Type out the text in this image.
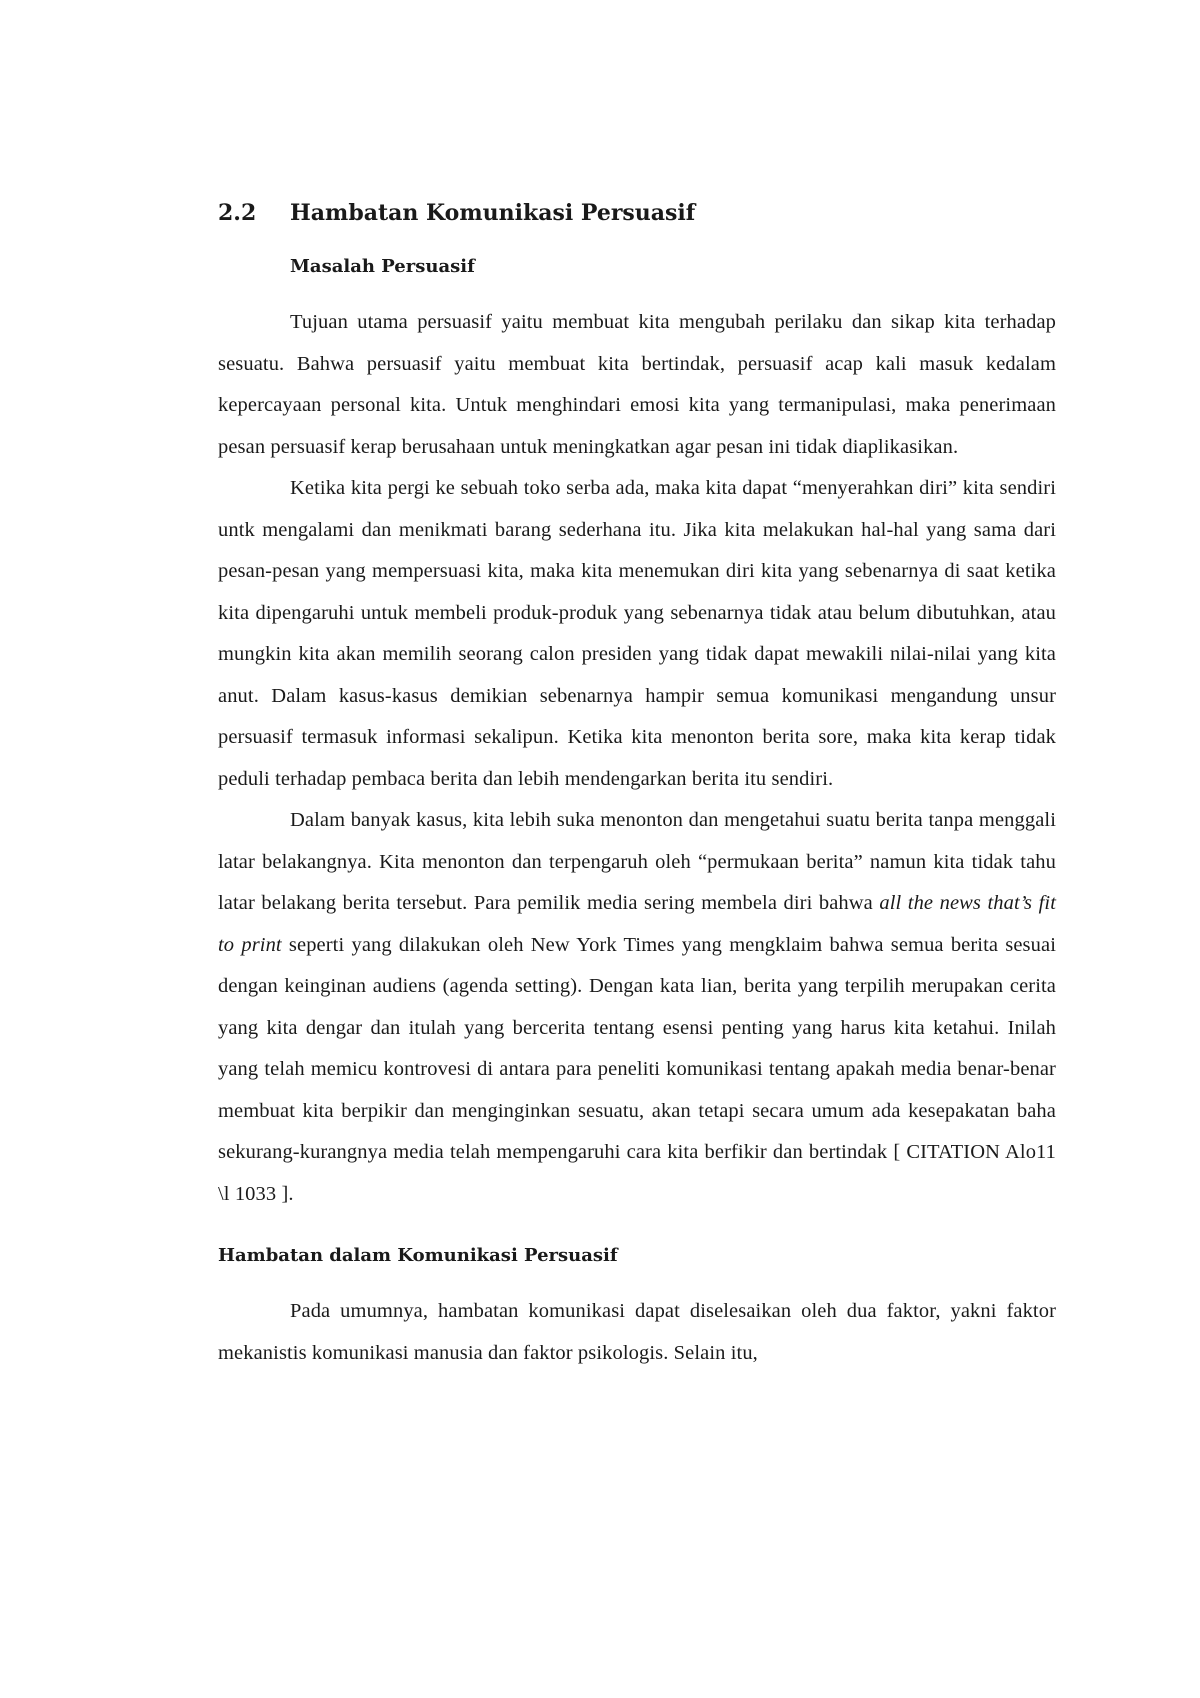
2.2	Hambatan Komunikasi Persuasif
Masalah Persuasif

Tujuan utama persuasif yaitu membuat kita mengubah perilaku dan sikap kita terhadap sesuatu. Bahwa persuasif yaitu membuat kita bertindak, persuasif acap kali masuk kedalam kepercayaan personal kita. Untuk menghindari emosi kita yang termanipulasi, maka penerimaan pesan persuasif kerap berusahaan untuk meningkatkan agar pesan ini tidak diaplikasikan.

Ketika kita pergi ke sebuah toko serba ada, maka kita dapat “menyerahkan diri” kita sendiri untk mengalami dan menikmati barang sederhana itu. Jika kita melakukan hal-hal yang sama dari pesan-pesan yang mempersuasi kita, maka kita menemukan diri kita yang sebenarnya di saat ketika kita dipengaruhi untuk membeli produk-produk yang sebenarnya tidak atau belum dibutuhkan, atau mungkin kita akan memilih seorang calon presiden yang tidak dapat mewakili nilai-nilai yang kita anut. Dalam kasus-kasus demikian sebenarnya hampir semua komunikasi mengandung unsur persuasif termasuk informasi sekalipun. Ketika kita menonton berita sore, maka kita kerap tidak peduli terhadap pembaca berita dan lebih mendengarkan berita itu sendiri.

Dalam banyak kasus, kita lebih suka menonton dan mengetahui suatu berita tanpa menggali latar belakangnya. Kita menonton dan terpengaruh oleh “permukaan berita” namun kita tidak tahu latar belakang berita tersebut. Para pemilik media sering membela diri bahwa all the news that’s fit to print seperti yang dilakukan oleh New York Times yang mengklaim bahwa semua berita sesuai dengan keinginan audiens (agenda setting). Dengan kata lian, berita yang terpilih merupakan cerita yang kita dengar dan itulah yang bercerita tentang esensi penting yang harus kita ketahui. Inilah yang telah memicu kontrovesi di antara para peneliti komunikasi tentang apakah media benar-benar membuat kita berpikir dan menginginkan sesuatu, akan tetapi secara umum ada kesepakatan baha sekurang-kurangnya media telah mempengaruhi cara kita berfikir dan bertindak [ CITATION Alo11 \l 1033 ].

Hambatan dalam Komunikasi Persuasif

Pada umumnya, hambatan komunikasi dapat diselesaikan oleh dua faktor, yakni faktor mekanistis komunikasi manusia dan faktor psikologis. Selain itu,
